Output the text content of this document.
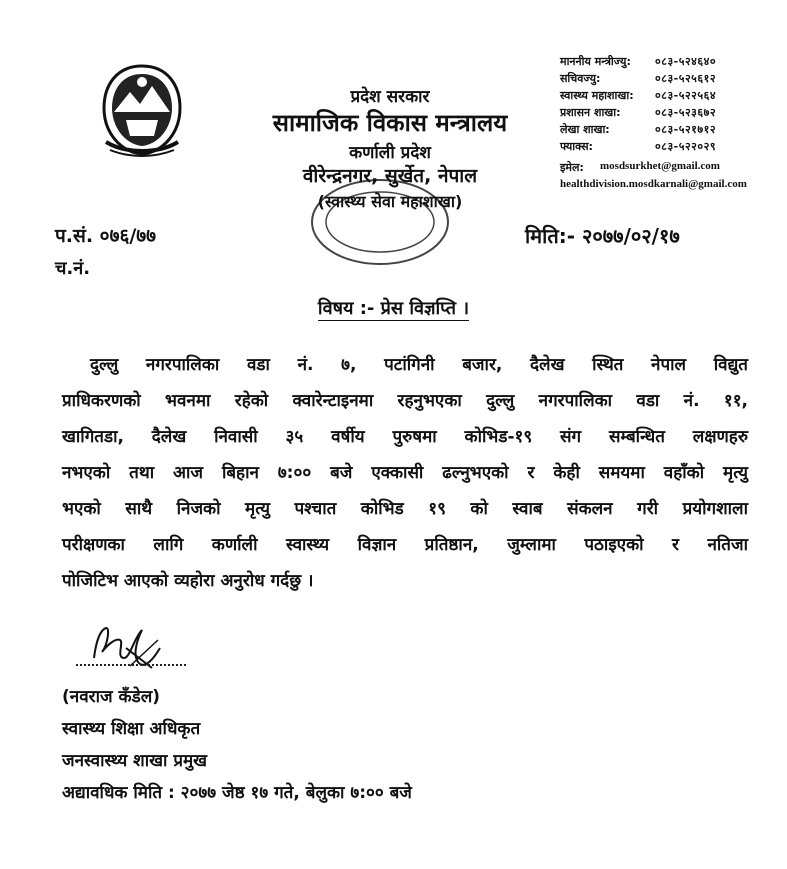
प्रदेश सरकार
सामाजिक विकास मन्त्रालय
कर्णाली प्रदेश
वीरेन्द्रनगर, सुर्खेत, नेपाल
(स्वास्थ्य सेवा महाशाखा)
माननीय मन्त्रीज्यु: ०८३-५२४६४०
सचिवज्यु:	०८३-५२५६१२
स्वास्थ्य महाशाखा: ०८३-५२२५६४
प्रशासन शाखा:	०८३-५२३६७२
लेखा शाखा:	०८३-५२१७१२
फ्याक्स:	०८३-५२२०२९
इमेल: mosdsurkhet@gmail.com
healthdivision.mosdkarnali@gmail.com
प.सं. ०७६/७७
च.नं.
मिति:- २०७७/०२/१७
विषय :- प्रेस विज्ञप्ति ।
दुल्लु नगरपालिका वडा नं. ७, पटांगिनी बजार, दैलेख स्थित नेपाल विद्युत
प्राधिकरणको भवनमा रहेको क्वारेन्टाइनमा रहनुभएका दुल्लु नगरपालिका वडा नं. ११,
खागितडा, दैलेख निवासी ३५ वर्षीय पुरुषमा कोभिड-१९ संग सम्बन्धित लक्षणहरु
नभएको तथा आज बिहान ७:०० बजे एक्कासी ढल्नुभएको र केही समयमा वहाँको मृत्यु
भएको साथै निजको मृत्यु पश्चात कोभिड १९ को स्वाब संकलन गरी प्रयोगशाला
परीक्षणका लागि कर्णाली स्वास्थ्य विज्ञान प्रतिष्ठान, जुम्लामा पठाइएको र नतिजा
पोजिटिभ आएको व्यहोरा अनुरोध गर्दछु ।
(नवराज कँडेल)
स्वास्थ्य शिक्षा अधिकृत
जनस्वास्थ्य शाखा प्रमुख
अद्यावधिक मिति : २०७७ जेष्ठ १७ गते, बेलुका ७:०० बजे
